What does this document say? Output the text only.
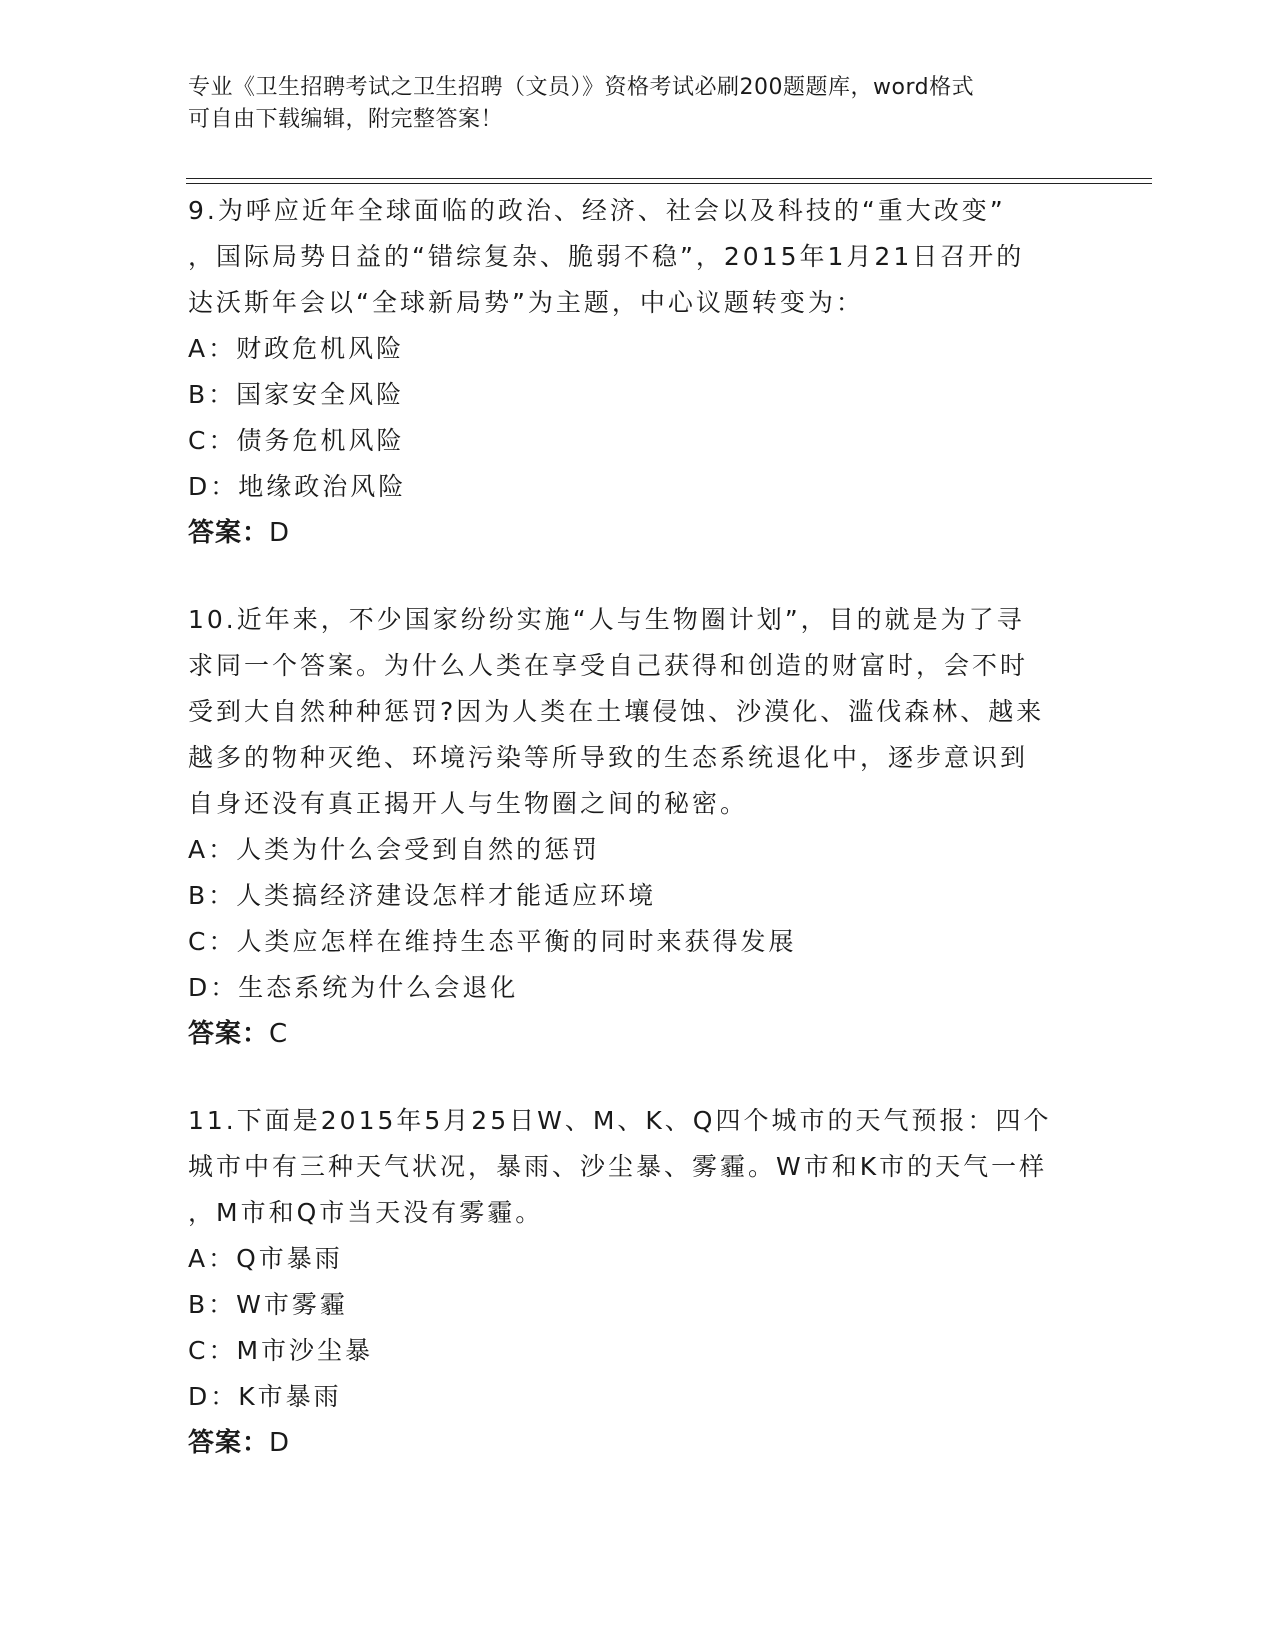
专业《卫生招聘考试之卫生招聘（文员）》资格考试必刷200题题库，word格式
可自由下载编辑，附完整答案！
9.为呼应近年全球面临的政治、经济、社会以及科技的“重大改变”
，国际局势日益的“错综复杂、脆弱不稳”，2015年1月21日召开的
达沃斯年会以“全球新局势”为主题，中心议题转变为：
A：财政危机风险
B：国家安全风险
C：债务危机风险
D：地缘政治风险
答案：D
10.近年来，不少国家纷纷实施“人与生物圈计划”，目的就是为了寻
求同一个答案。为什么人类在享受自己获得和创造的财富时，会不时
受到大自然种种惩罚?因为人类在土壤侵蚀、沙漠化、滥伐森林、越来
越多的物种灭绝、环境污染等所导致的生态系统退化中，逐步意识到
自身还没有真正揭开人与生物圈之间的秘密。
A：人类为什么会受到自然的惩罚
B：人类搞经济建设怎样才能适应环境
C：人类应怎样在维持生态平衡的同时来获得发展
D：生态系统为什么会退化
答案：C
11.下面是2015年5月25日W、M、K、Q四个城市的天气预报：四个
城市中有三种天气状况，暴雨、沙尘暴、雾霾。W市和K市的天气一样
，M市和Q市当天没有雾霾。
A：Q市暴雨
B：W市雾霾
C：M市沙尘暴
D：K市暴雨
答案：D
